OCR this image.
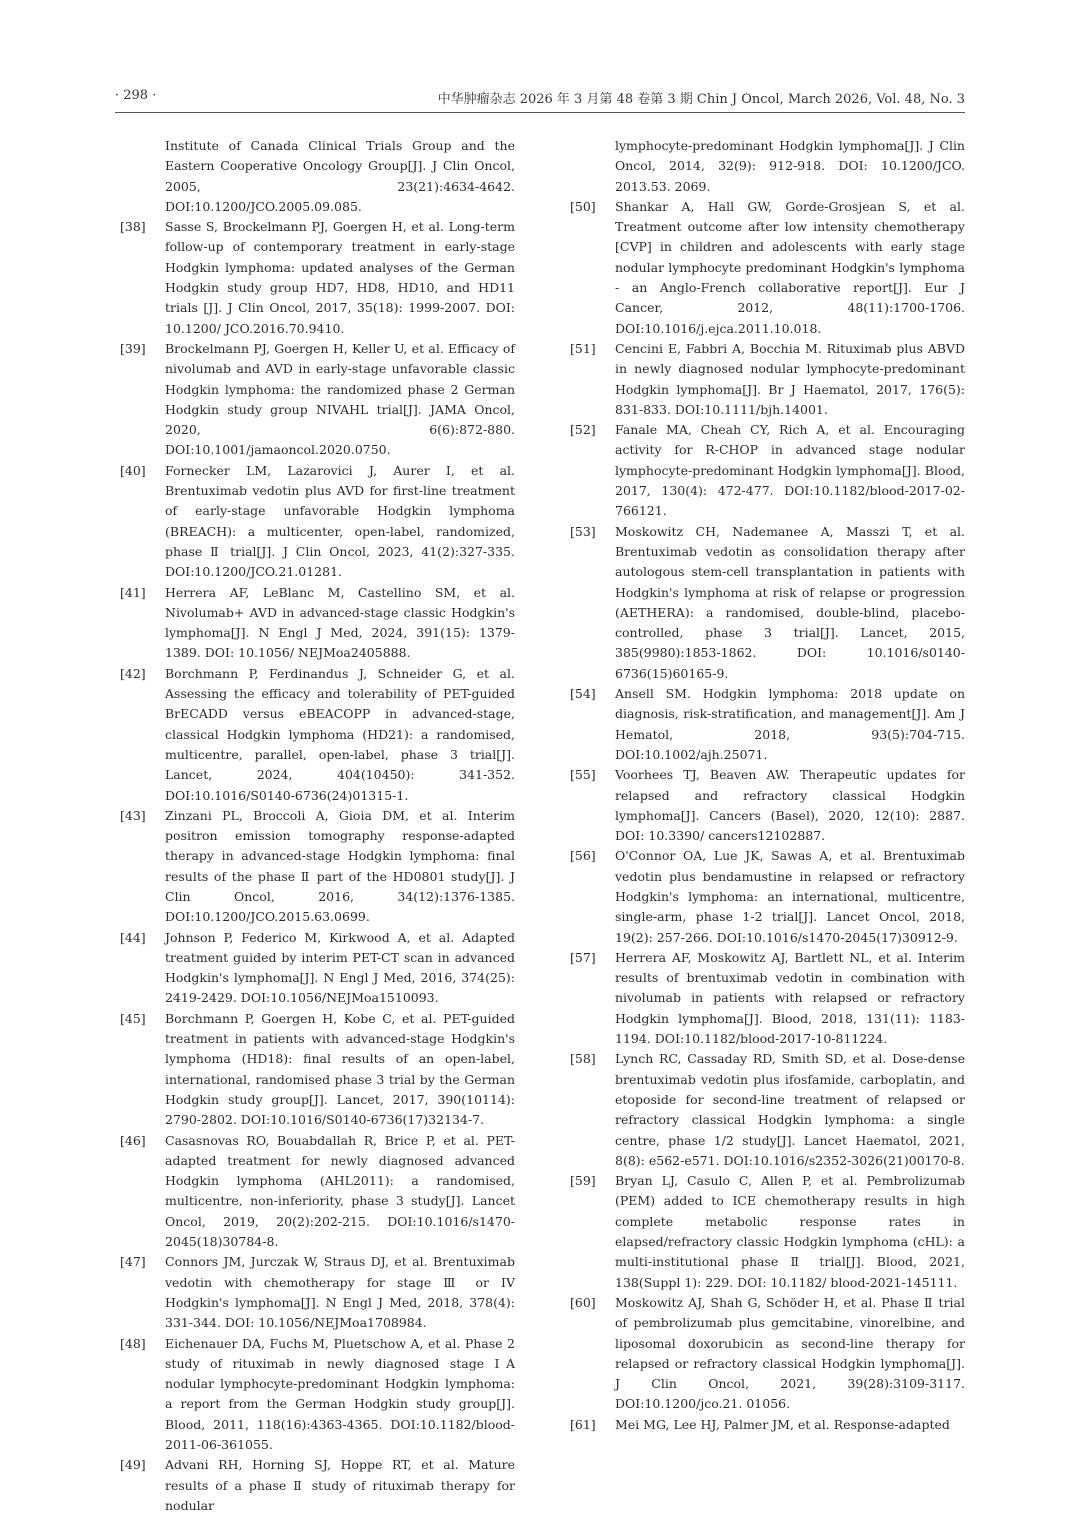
· 298 ·	中华肿瘤杂志 2026 年 3 月第 48 卷第 3 期 Chin J Oncol, March 2026, Vol. 48, No. 3
Institute of Canada Clinical Trials Group and the Eastern Cooperative Oncology Group[J]. J Clin Oncol, 2005, 23(21):4634-4642. DOI:10.1200/JCO.2005.09.085.

[38] Sasse S, Brockelmann PJ, Goergen H, et al. Long-term follow-up of contemporary treatment in early-stage Hodgkin lymphoma: updated analyses of the German Hodgkin study group HD7, HD8, HD10, and HD11 trials [J]. J Clin Oncol, 2017, 35(18): 1999-2007. DOI: 10.1200/ JCO.2016.70.9410.

[39] Brockelmann PJ, Goergen H, Keller U, et al. Efficacy of nivolumab and AVD in early-stage unfavorable classic Hodgkin lymphoma: the randomized phase 2 German Hodgkin study group NIVAHL trial[J]. JAMA Oncol, 2020, 6(6):872-880. DOI:10.1001/jamaoncol.2020.0750.

[40] Fornecker LM, Lazarovici J, Aurer I, et al. Brentuximab vedotin plus AVD for first-line treatment of early-stage unfavorable Hodgkin lymphoma (BREACH): a multicenter, open-label, randomized, phase Ⅱ trial[J]. J Clin Oncol, 2023, 41(2):327-335. DOI:10.1200/JCO.21.01281.

[41] Herrera AF, LeBlanc M, Castellino SM, et al. Nivolumab+ AVD in advanced-stage classic Hodgkin's lymphoma[J]. N Engl J Med, 2024, 391(15): 1379-1389. DOI: 10.1056/ NEJMoa2405888.

[42] Borchmann P, Ferdinandus J, Schneider G, et al. Assessing the efficacy and tolerability of PET-guided BrECADD versus eBEACOPP in advanced-stage, classical Hodgkin lymphoma (HD21): a randomised, multicentre, parallel, open-label, phase 3 trial[J]. Lancet, 2024, 404(10450): 341-352. DOI:10.1016/S0140-6736(24)01315-1.

[43] Zinzani PL, Broccoli A, Gioia DM, et al. Interim positron emission tomography response-adapted therapy in advanced-stage Hodgkin lymphoma: final results of the phase Ⅱ part of the HD0801 study[J]. J Clin Oncol, 2016, 34(12):1376-1385. DOI:10.1200/JCO.2015.63.0699.

[44] Johnson P, Federico M, Kirkwood A, et al. Adapted treatment guided by interim PET-CT scan in advanced Hodgkin's lymphoma[J]. N Engl J Med, 2016, 374(25): 2419-2429. DOI:10.1056/NEJMoa1510093.

[45] Borchmann P, Goergen H, Kobe C, et al. PET-guided treatment in patients with advanced-stage Hodgkin's lymphoma (HD18): final results of an open-label, international, randomised phase 3 trial by the German Hodgkin study group[J]. Lancet, 2017, 390(10114): 2790-2802. DOI:10.1016/S0140-6736(17)32134-7.

[46] Casasnovas RO, Bouabdallah R, Brice P, et al. PET-adapted treatment for newly diagnosed advanced Hodgkin lymphoma (AHL2011): a randomised, multicentre, non-inferiority, phase 3 study[J]. Lancet Oncol, 2019, 20(2):202-215. DOI:10.1016/s1470-2045(18)30784-8.

[47] Connors JM, Jurczak W, Straus DJ, et al. Brentuximab vedotin with chemotherapy for stage Ⅲ or IV Hodgkin's lymphoma[J]. N Engl J Med, 2018, 378(4): 331-344. DOI: 10.1056/NEJMoa1708984.

[48] Eichenauer DA, Fuchs M, Pluetschow A, et al. Phase 2 study of rituximab in newly diagnosed stage ⅠA nodular lymphocyte-predominant Hodgkin lymphoma: a report from the German Hodgkin study group[J]. Blood, 2011, 118(16):4363-4365. DOI:10.1182/blood-2011-06-361055.

[49] Advani RH, Horning SJ, Hoppe RT, et al. Mature results of a phase Ⅱ study of rituximab therapy for nodular

lymphocyte-predominant Hodgkin lymphoma[J]. J Clin Oncol, 2014, 32(9): 912-918. DOI: 10.1200/JCO. 2013.53. 2069.

[50] Shankar A, Hall GW, Gorde-Grosjean S, et al. Treatment outcome after low intensity chemotherapy [CVP] in children and adolescents with early stage nodular lymphocyte predominant Hodgkin's lymphoma - an Anglo-French collaborative report[J]. Eur J Cancer, 2012, 48(11):1700-1706. DOI:10.1016/j.ejca.2011.10.018.

[51] Cencini E, Fabbri A, Bocchia M. Rituximab plus ABVD in newly diagnosed nodular lymphocyte-predominant Hodgkin lymphoma[J]. Br J Haematol, 2017, 176(5): 831-833. DOI:10.1111/bjh.14001.

[52] Fanale MA, Cheah CY, Rich A, et al. Encouraging activity for R-CHOP in advanced stage nodular lymphocyte-predominant Hodgkin lymphoma[J]. Blood, 2017, 130(4): 472-477. DOI:10.1182/blood-2017-02-766121.

[53] Moskowitz CH, Nademanee A, Masszi T, et al. Brentuximab vedotin as consolidation therapy after autologous stem-cell transplantation in patients with Hodgkin's lymphoma at risk of relapse or progression (AETHERA): a randomised, double-blind, placebo-controlled, phase 3 trial[J]. Lancet, 2015, 385(9980):1853-1862. DOI: 10.1016/s0140-6736(15)60165-9.

[54] Ansell SM. Hodgkin lymphoma: 2018 update on diagnosis, risk-stratification, and management[J]. Am J Hematol, 2018, 93(5):704-715. DOI:10.1002/ajh.25071.

[55] Voorhees TJ, Beaven AW. Therapeutic updates for relapsed and refractory classical Hodgkin lymphoma[J]. Cancers (Basel), 2020, 12(10): 2887. DOI: 10.3390/ cancers12102887.

[56] O'Connor OA, Lue JK, Sawas A, et al. Brentuximab vedotin plus bendamustine in relapsed or refractory Hodgkin's lymphoma: an international, multicentre, single-arm, phase 1-2 trial[J]. Lancet Oncol, 2018, 19(2): 257-266. DOI:10.1016/s1470-2045(17)30912-9.

[57] Herrera AF, Moskowitz AJ, Bartlett NL, et al. Interim results of brentuximab vedotin in combination with nivolumab in patients with relapsed or refractory Hodgkin lymphoma[J]. Blood, 2018, 131(11): 1183-1194. DOI:10.1182/blood-2017-10-811224.

[58] Lynch RC, Cassaday RD, Smith SD, et al. Dose-dense brentuximab vedotin plus ifosfamide, carboplatin, and etoposide for second-line treatment of relapsed or refractory classical Hodgkin lymphoma: a single centre, phase 1/2 study[J]. Lancet Haematol, 2021, 8(8): e562-e571. DOI:10.1016/s2352-3026(21)00170-8.

[59] Bryan LJ, Casulo C, Allen P, et al. Pembrolizumab (PEM) added to ICE chemotherapy results in high complete metabolic response rates in elapsed/refractory classic Hodgkin lymphoma (cHL): a multi-institutional phase Ⅱ trial[J]. Blood, 2021, 138(Suppl 1): 229. DOI: 10.1182/ blood-2021-145111.

[60] Moskowitz AJ, Shah G, Schöder H, et al. Phase Ⅱ trial of pembrolizumab plus gemcitabine, vinorelbine, and liposomal doxorubicin as second-line therapy for relapsed or refractory classical Hodgkin lymphoma[J]. J Clin Oncol, 2021, 39(28):3109-3117. DOI:10.1200/jco.21. 01056.

[61] Mei MG, Lee HJ, Palmer JM, et al. Response-adapted
